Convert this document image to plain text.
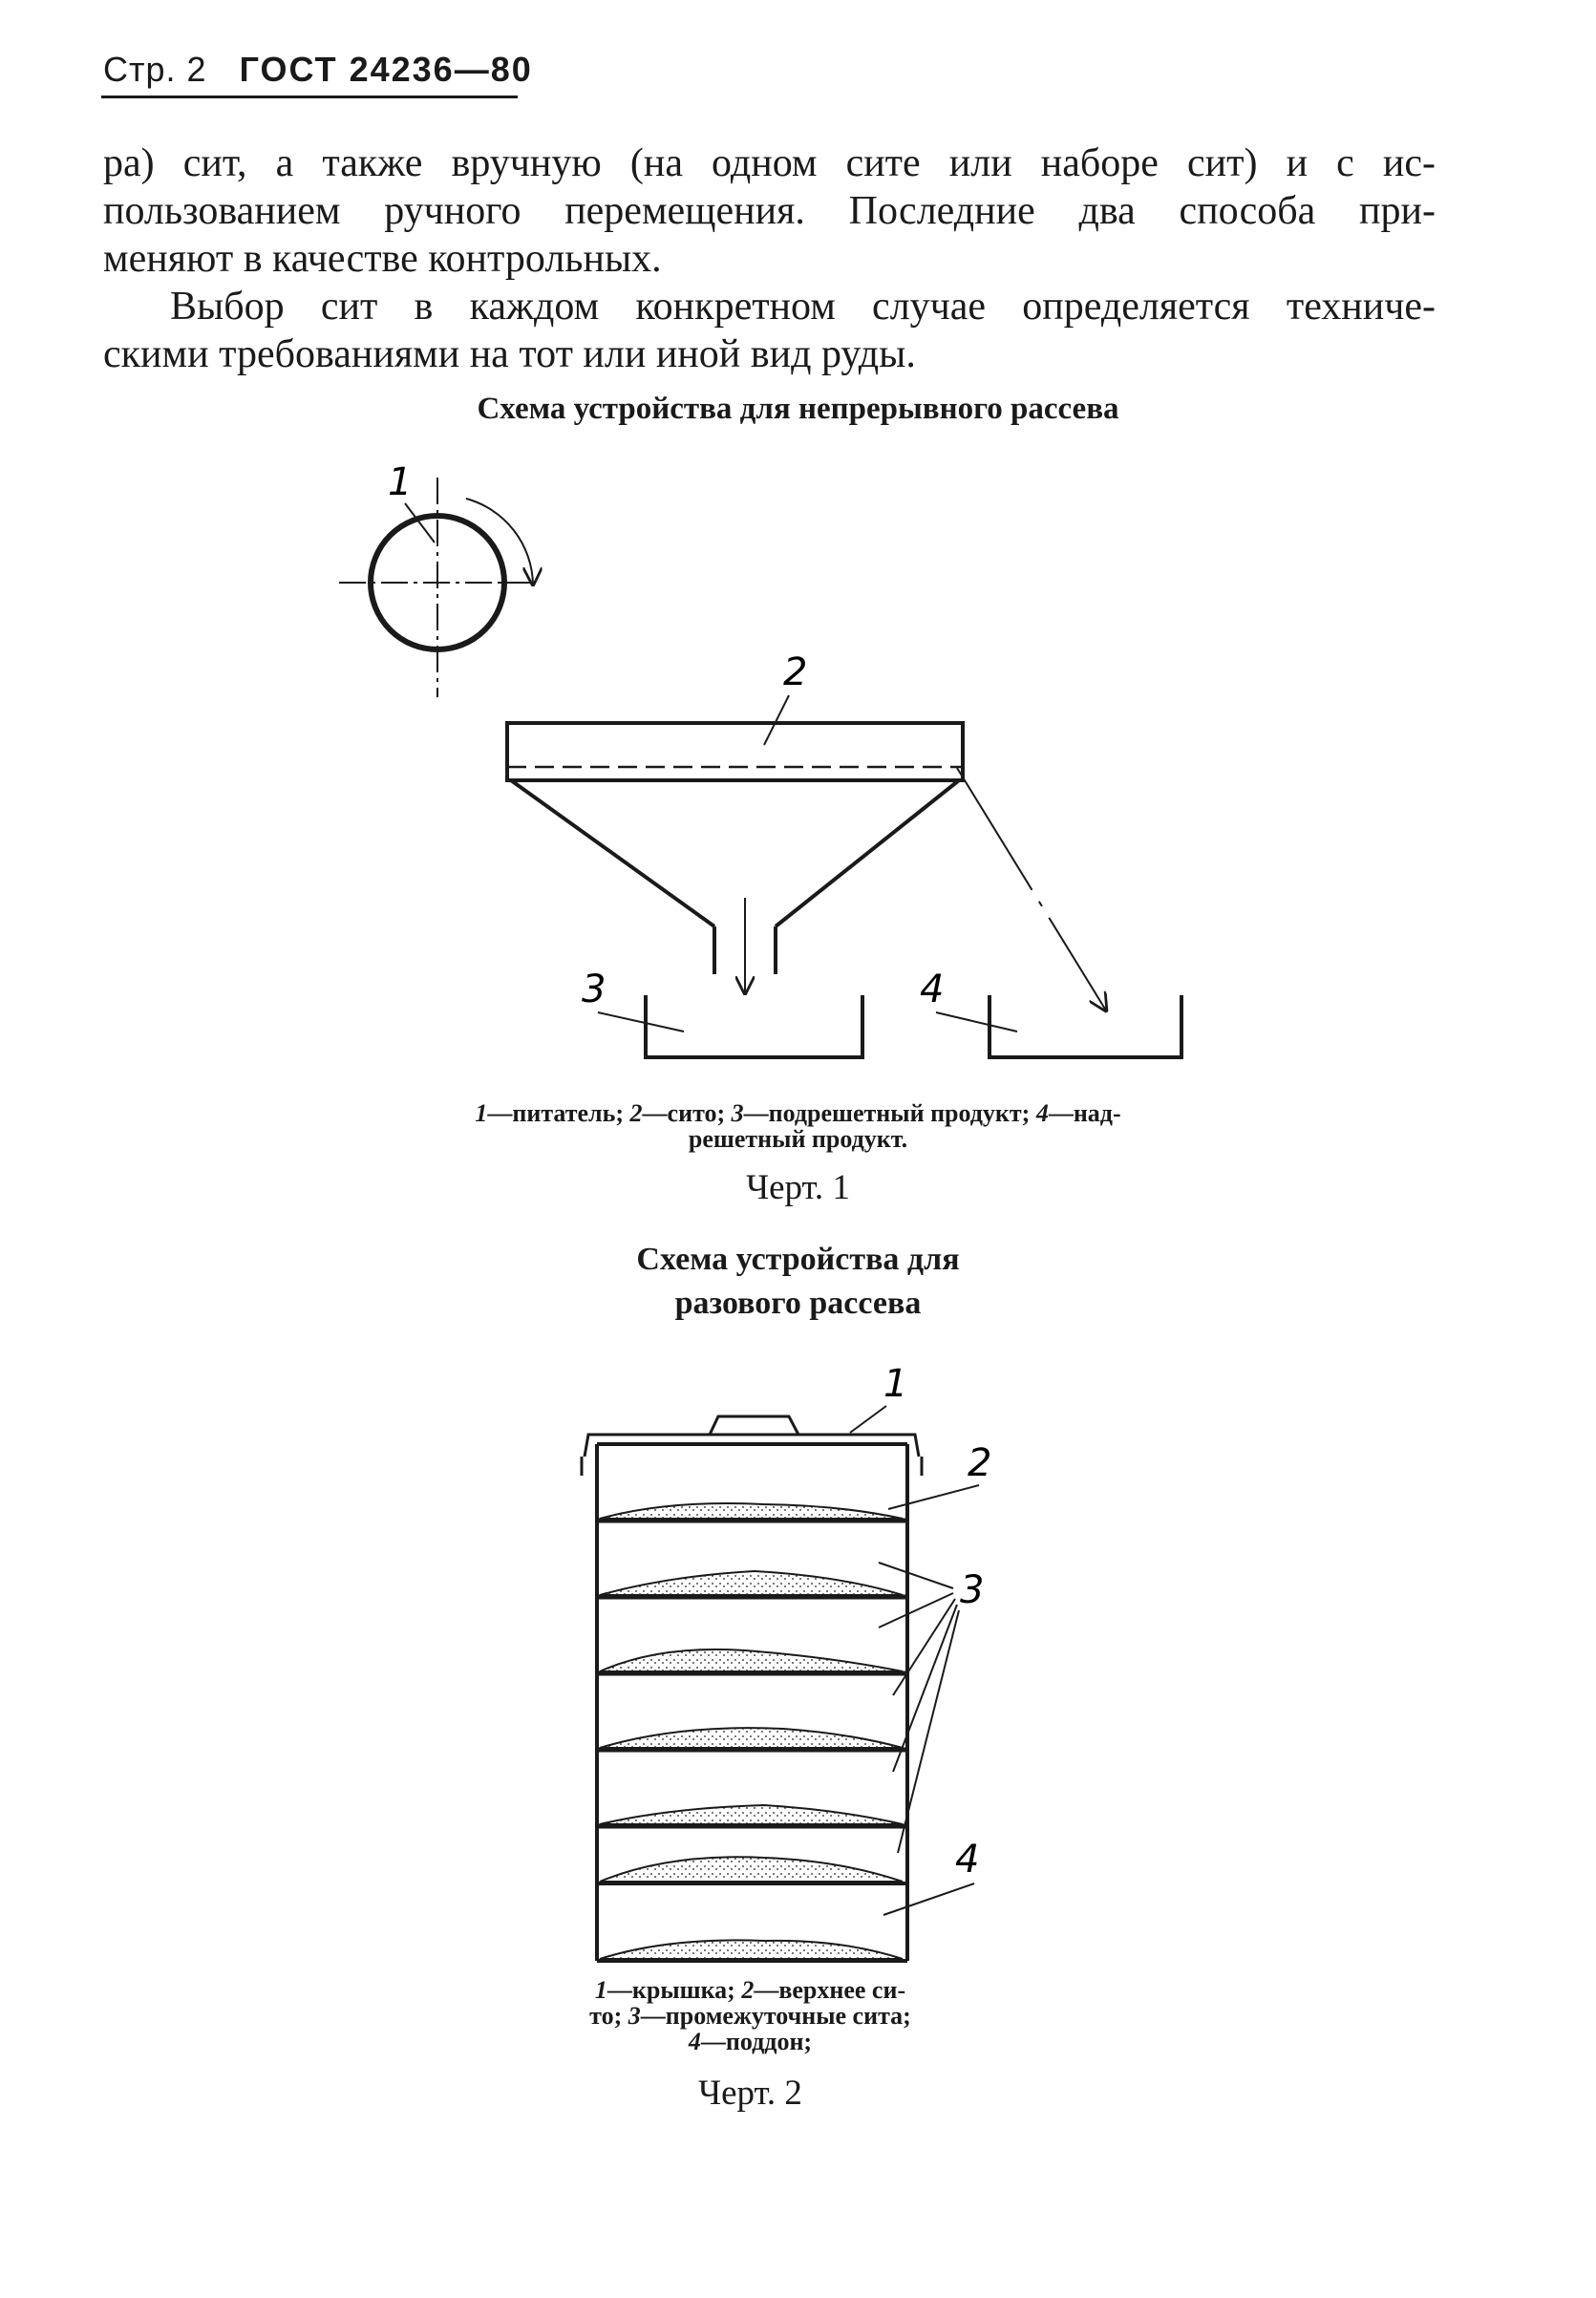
Стр. 2 ГОСТ 24236—80

ра) сит, а также вручную (на одном сите или наборе сит) и с ис-

пользованием ручного перемещения. Последние два способа при-

меняют в качестве контрольных.

Выбор сит в каждом конкретном случае определяется техниче-

скими требованиями на тот или иной вид руды.

Схема устройства для непрерывного рассева
1
2
3	4
1
2
3
4
1—питатель; 2—сито; 3—подрешетный продукт; 4—над-
решетный продукт.
Черт. 1
Схема устройства для
разового рассева
1—крышка; 2—верхнее си-
то; 3—промежуточные сита;
4—поддон;
Черт. 2
